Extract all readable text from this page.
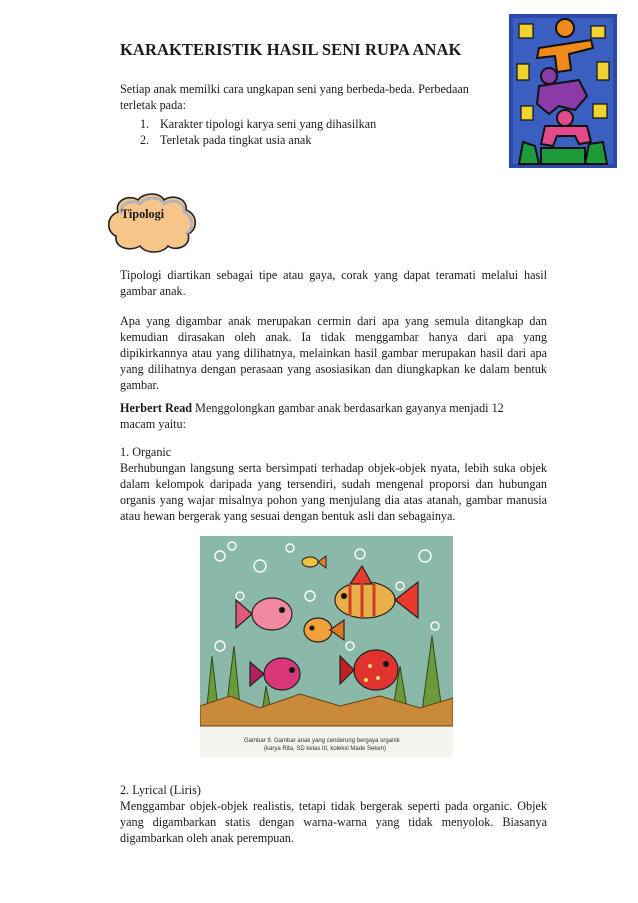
KARAKTERISTIK HASIL SENI RUPA ANAK

Setiap anak memilki cara ungkapan seni yang berbeda-beda. Perbedaan terletak pada:

1. Karakter tipologi karya seni yang dihasilkan
2. Terletak pada tingkat usia anak
Tipologi

Tipologi diartikan sebagai tipe atau gaya, corak yang dapat teramati melalui hasil gambar anak.

Apa yang digambar anak merupakan cermin dari apa yang semula ditangkap dan kemudian dirasakan oleh anak. Ia tidak menggambar hanya dari apa yang dipikirkannya atau yang dilihatnya, melainkan hasil gambar merupakan hasil dari apa yang dilihatnya dengan perasaan yang asosiasikan dan diungkapkan ke dalam bentuk gambar.

Herbert Read Menggolongkan gambar anak berdasarkan gayanya menjadi 12 macam yaitu:

1. Organic

Berhubungan langsung serta bersimpati terhadap objek-objek nyata, lebih suka objek dalam kelompok daripada yang tersendiri, sudah mengenal proporsi dan hubungan organis yang wajar misalnya pohon yang menjulang dia atas atanah, gambar manusia atau hewan bergerak yang sesuai dengan bentuk asli dan sebagainya.

Gambar 9. Gambar anak yang cenderung bergaya organik
(karya Rita, SD kelas III, koleksi Made Seken)

2. Lyrical (Liris)

Menggambar objek-objek realistis, tetapi tidak bergerak seperti pada organic. Objek yang digambarkan statis dengan warna-warna yang tidak menyolok. Biasanya digambarkan oleh anak perempuan.
